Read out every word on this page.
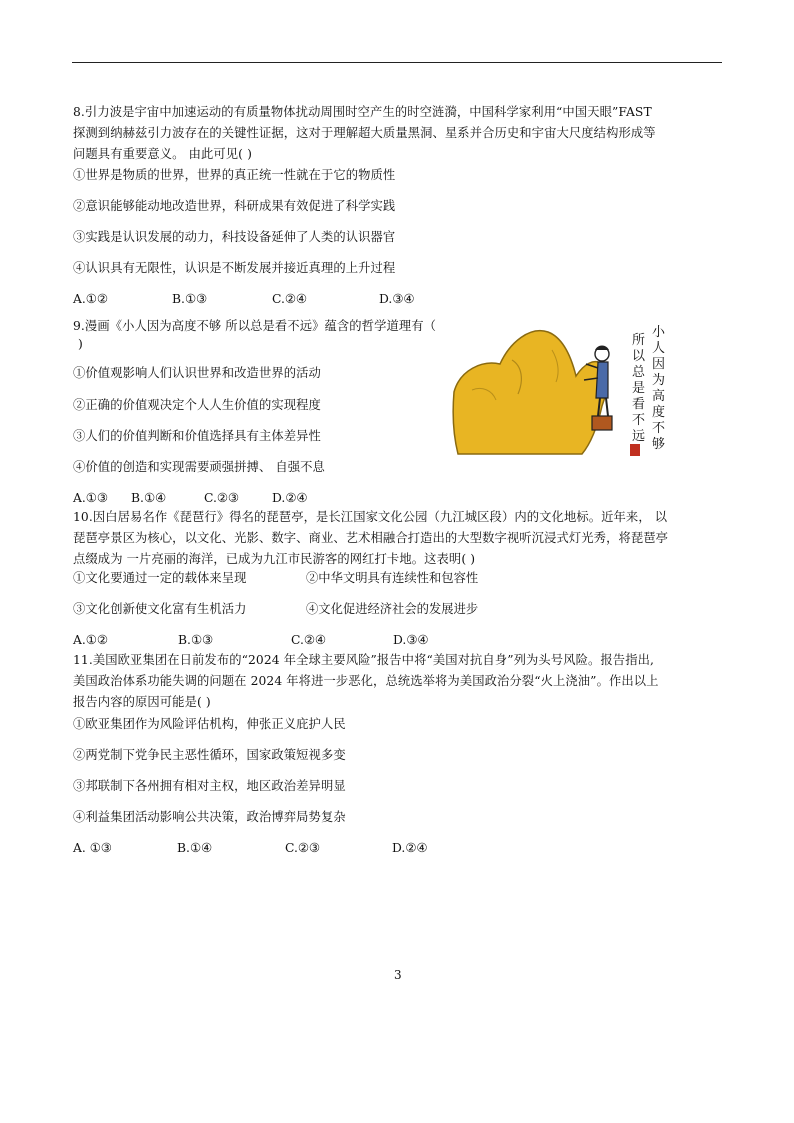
8.引力波是宇宙中加速运动的有质量物体扰动周围时空产生的时空涟漪，中国科学家利用“中国天眼”FAST
探测到纳赫兹引力波存在的关键性证据，这对于理解超大质量黑洞、星系并合历史和宇宙大尺度结构形成等
问题具有重要意义。 由此可见( )
①世界是物质的世界，世界的真正统一性就在于它的物质性
②意识能够能动地改造世界，科研成果有效促进了科学实践
③实践是认识发展的动力，科技设备延伸了人类的认识器官
④认识具有无限性，认识是不断发展并接近真理的上升过程
A.①②	B.①③	C.②④	D.③④
9.漫画《小人因为高度不够 所以总是看不远》蕴含的哲学道理有（
)
①价值观影响人们认识世界和改造世界的活动
②正确的价值观决定个人人生价值的实现程度
③人们的价值判断和价值选择具有主体差异性
④价值的创造和实现需要顽强拼搏、 自强不息
A.①③ B.①④	C.②③	D.②④
小
人
因
为
高
度
不
够
所
以
总
是
看
不
远
10.因白居易名作《琵琶行》得名的琵琶亭，是长江国家文化公园（九江城区段）内的文化地标。近年来， 以
琵琶亭景区为核心，以文化、光影、数字、商业、艺术相融合打造出的大型数字视听沉浸式灯光秀，将琵琶亭
点缀成为 一片亮丽的海洋，已成为九江市民游客的网红打卡地。这表明( )
①文化要通过一定的载体来呈现	②中华文明具有连续性和包容性
③文化创新使文化富有生机活力	④文化促进经济社会的发展进步
A.①②	B.①③	C.②④	D.③④
11.美国欧亚集团在日前发布的“2024 年全球主要风险”报告中将“美国对抗自身”列为头号风险。报告指出,
美国政治体系功能失调的问题在 2024 年将进一步恶化，总统选举将为美国政治分裂“火上浇油”。作出以上
报告内容的原因可能是( )
①欧亚集团作为风险评估机构，伸张正义庇护人民
②两党制下党争民主恶性循环，国家政策短视多变
③邦联制下各州拥有相对主权，地区政治差异明显
④利益集团活动影响公共决策，政治博弈局势复杂
A. ①③	B.①④	C.②③	D.②④
3
